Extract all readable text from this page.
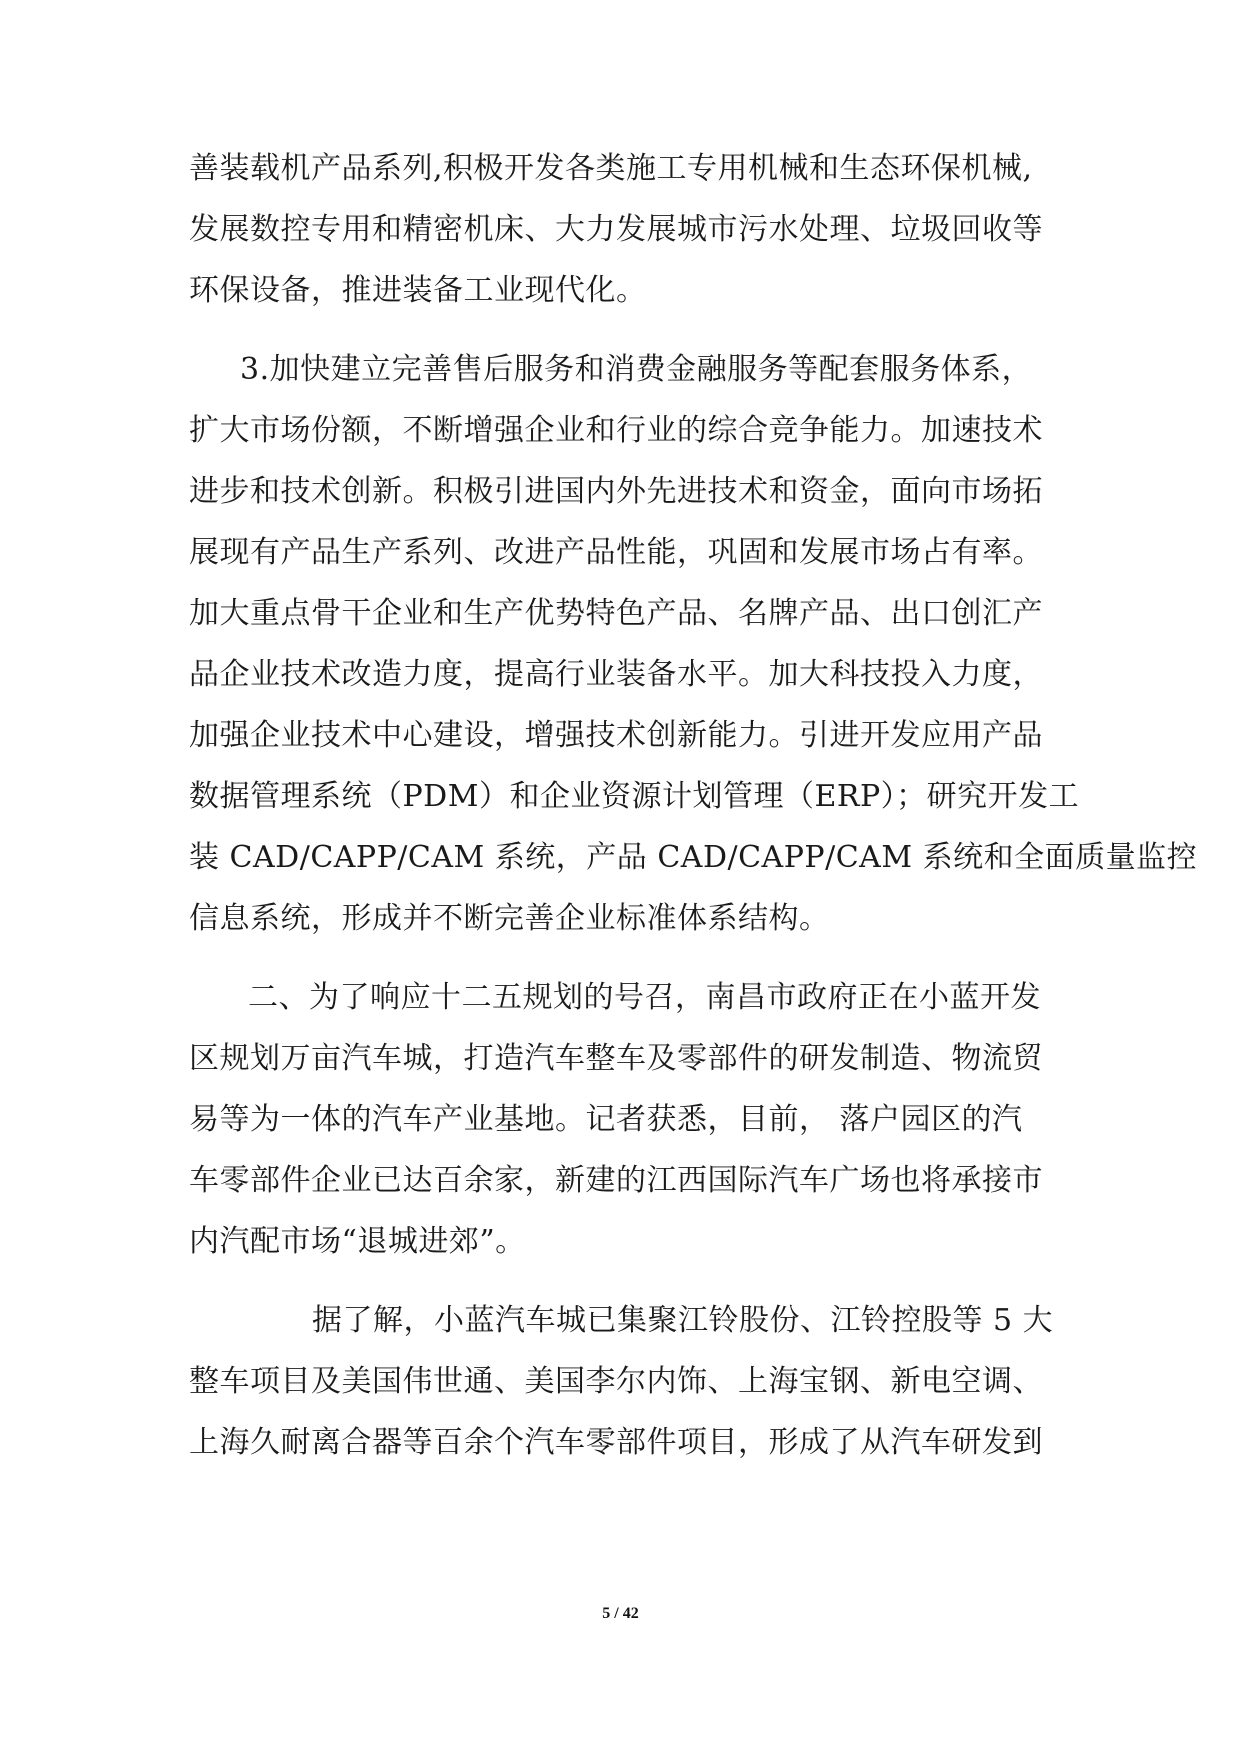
善装载机产品系列,积极开发各类施工专用机械和生态环保机械,
发展数控专用和精密机床、大力发展城市污水处理、垃圾回收等
环保设备，推进装备工业现代化。
3.加快建立完善售后服务和消费金融服务等配套服务体系，
扩大市场份额，不断增强企业和行业的综合竞争能力。加速技术
进步和技术创新。积极引进国内外先进技术和资金，面向市场拓
展现有产品生产系列、改进产品性能，巩固和发展市场占有率。
加大重点骨干企业和生产优势特色产品、名牌产品、出口创汇产
品企业技术改造力度，提高行业装备水平。加大科技投入力度，
加强企业技术中心建设，增强技术创新能力。引进开发应用产品
数据管理系统（PDM）和企业资源计划管理（ERP）；研究开发工
装 CAD/CAPP/CAM 系统，产品 CAD/CAPP/CAM 系统和全面质量监控
信息系统，形成并不断完善企业标准体系结构。
二、为了响应十二五规划的号召，南昌市政府正在小蓝开发
区规划万亩汽车城，打造汽车整车及零部件的研发制造、物流贸
易等为一体的汽车产业基地。记者获悉，目前， 落户园区的汽
车零部件企业已达百余家，新建的江西国际汽车广场也将承接市
内汽配市场“退城进郊”。
据了解，小蓝汽车城已集聚江铃股份、江铃控股等 5 大
整车项目及美国伟世通、美国李尔内饰、上海宝钢、新电空调、
上海久耐离合器等百余个汽车零部件项目，形成了从汽车研发到
5 / 42
